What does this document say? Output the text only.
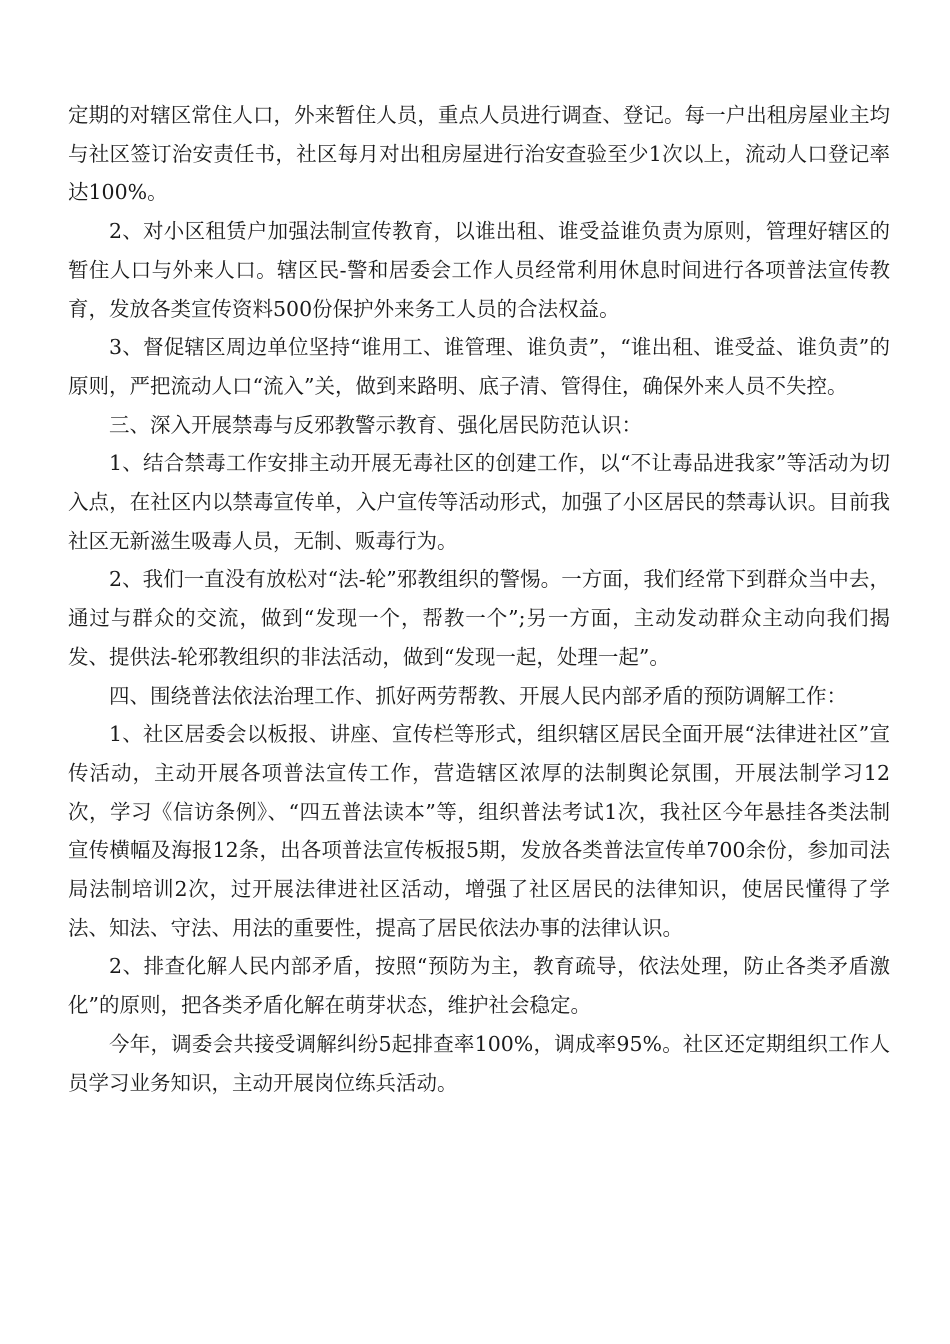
定期的对辖区常住人口，外来暂住人员，重点人员进行调查、登记。每一户出租房屋业主均与社区签订治安责任书，社区每月对出租房屋进行治安查验至少1次以上，流动人口登记率达100%。

2、对小区租赁户加强法制宣传教育，以谁出租、谁受益谁负责为原则，管理好辖区的暂住人口与外来人口。辖区民-警和居委会工作人员经常利用休息时间进行各项普法宣传教育，发放各类宣传资料500份保护外来务工人员的合法权益。

3、督促辖区周边单位坚持“谁用工、谁管理、谁负责”，“谁出租、谁受益、谁负责”的原则，严把流动人口“流入”关，做到来路明、底子清、管得住，确保外来人员不失控。

三、深入开展禁毒与反邪教警示教育、强化居民防范认识：

1、结合禁毒工作安排主动开展无毒社区的创建工作，以“不让毒品进我家”等活动为切入点，在社区内以禁毒宣传单，入户宣传等活动形式，加强了小区居民的禁毒认识。目前我社区无新滋生吸毒人员，无制、贩毒行为。

2、我们一直没有放松对“法-轮”邪教组织的警惕。一方面，我们经常下到群众当中去，通过与群众的交流，做到“发现一个，帮教一个”;另一方面，主动发动群众主动向我们揭发、提供法-轮邪教组织的非法活动，做到“发现一起，处理一起”。

四、围绕普法依法治理工作、抓好两劳帮教、开展人民内部矛盾的预防调解工作：

1、社区居委会以板报、讲座、宣传栏等形式，组织辖区居民全面开展“法律进社区”宣传活动，主动开展各项普法宣传工作，营造辖区浓厚的法制舆论氛围，开展法制学习12次，学习《信访条例》、“四五普法读本”等，组织普法考试1次，我社区今年悬挂各类法制宣传横幅及海报12条，出各项普法宣传板报5期，发放各类普法宣传单700余份，参加司法局法制培训2次，过开展法律进社区活动，增强了社区居民的法律知识，使居民懂得了学法、知法、守法、用法的重要性，提高了居民依法办事的法律认识。

2、排查化解人民内部矛盾，按照“预防为主，教育疏导，依法处理，防止各类矛盾激化”的原则，把各类矛盾化解在萌芽状态，维护社会稳定。

今年，调委会共接受调解纠纷5起排查率100%，调成率95%。社区还定期组织工作人员学习业务知识，主动开展岗位练兵活动。
